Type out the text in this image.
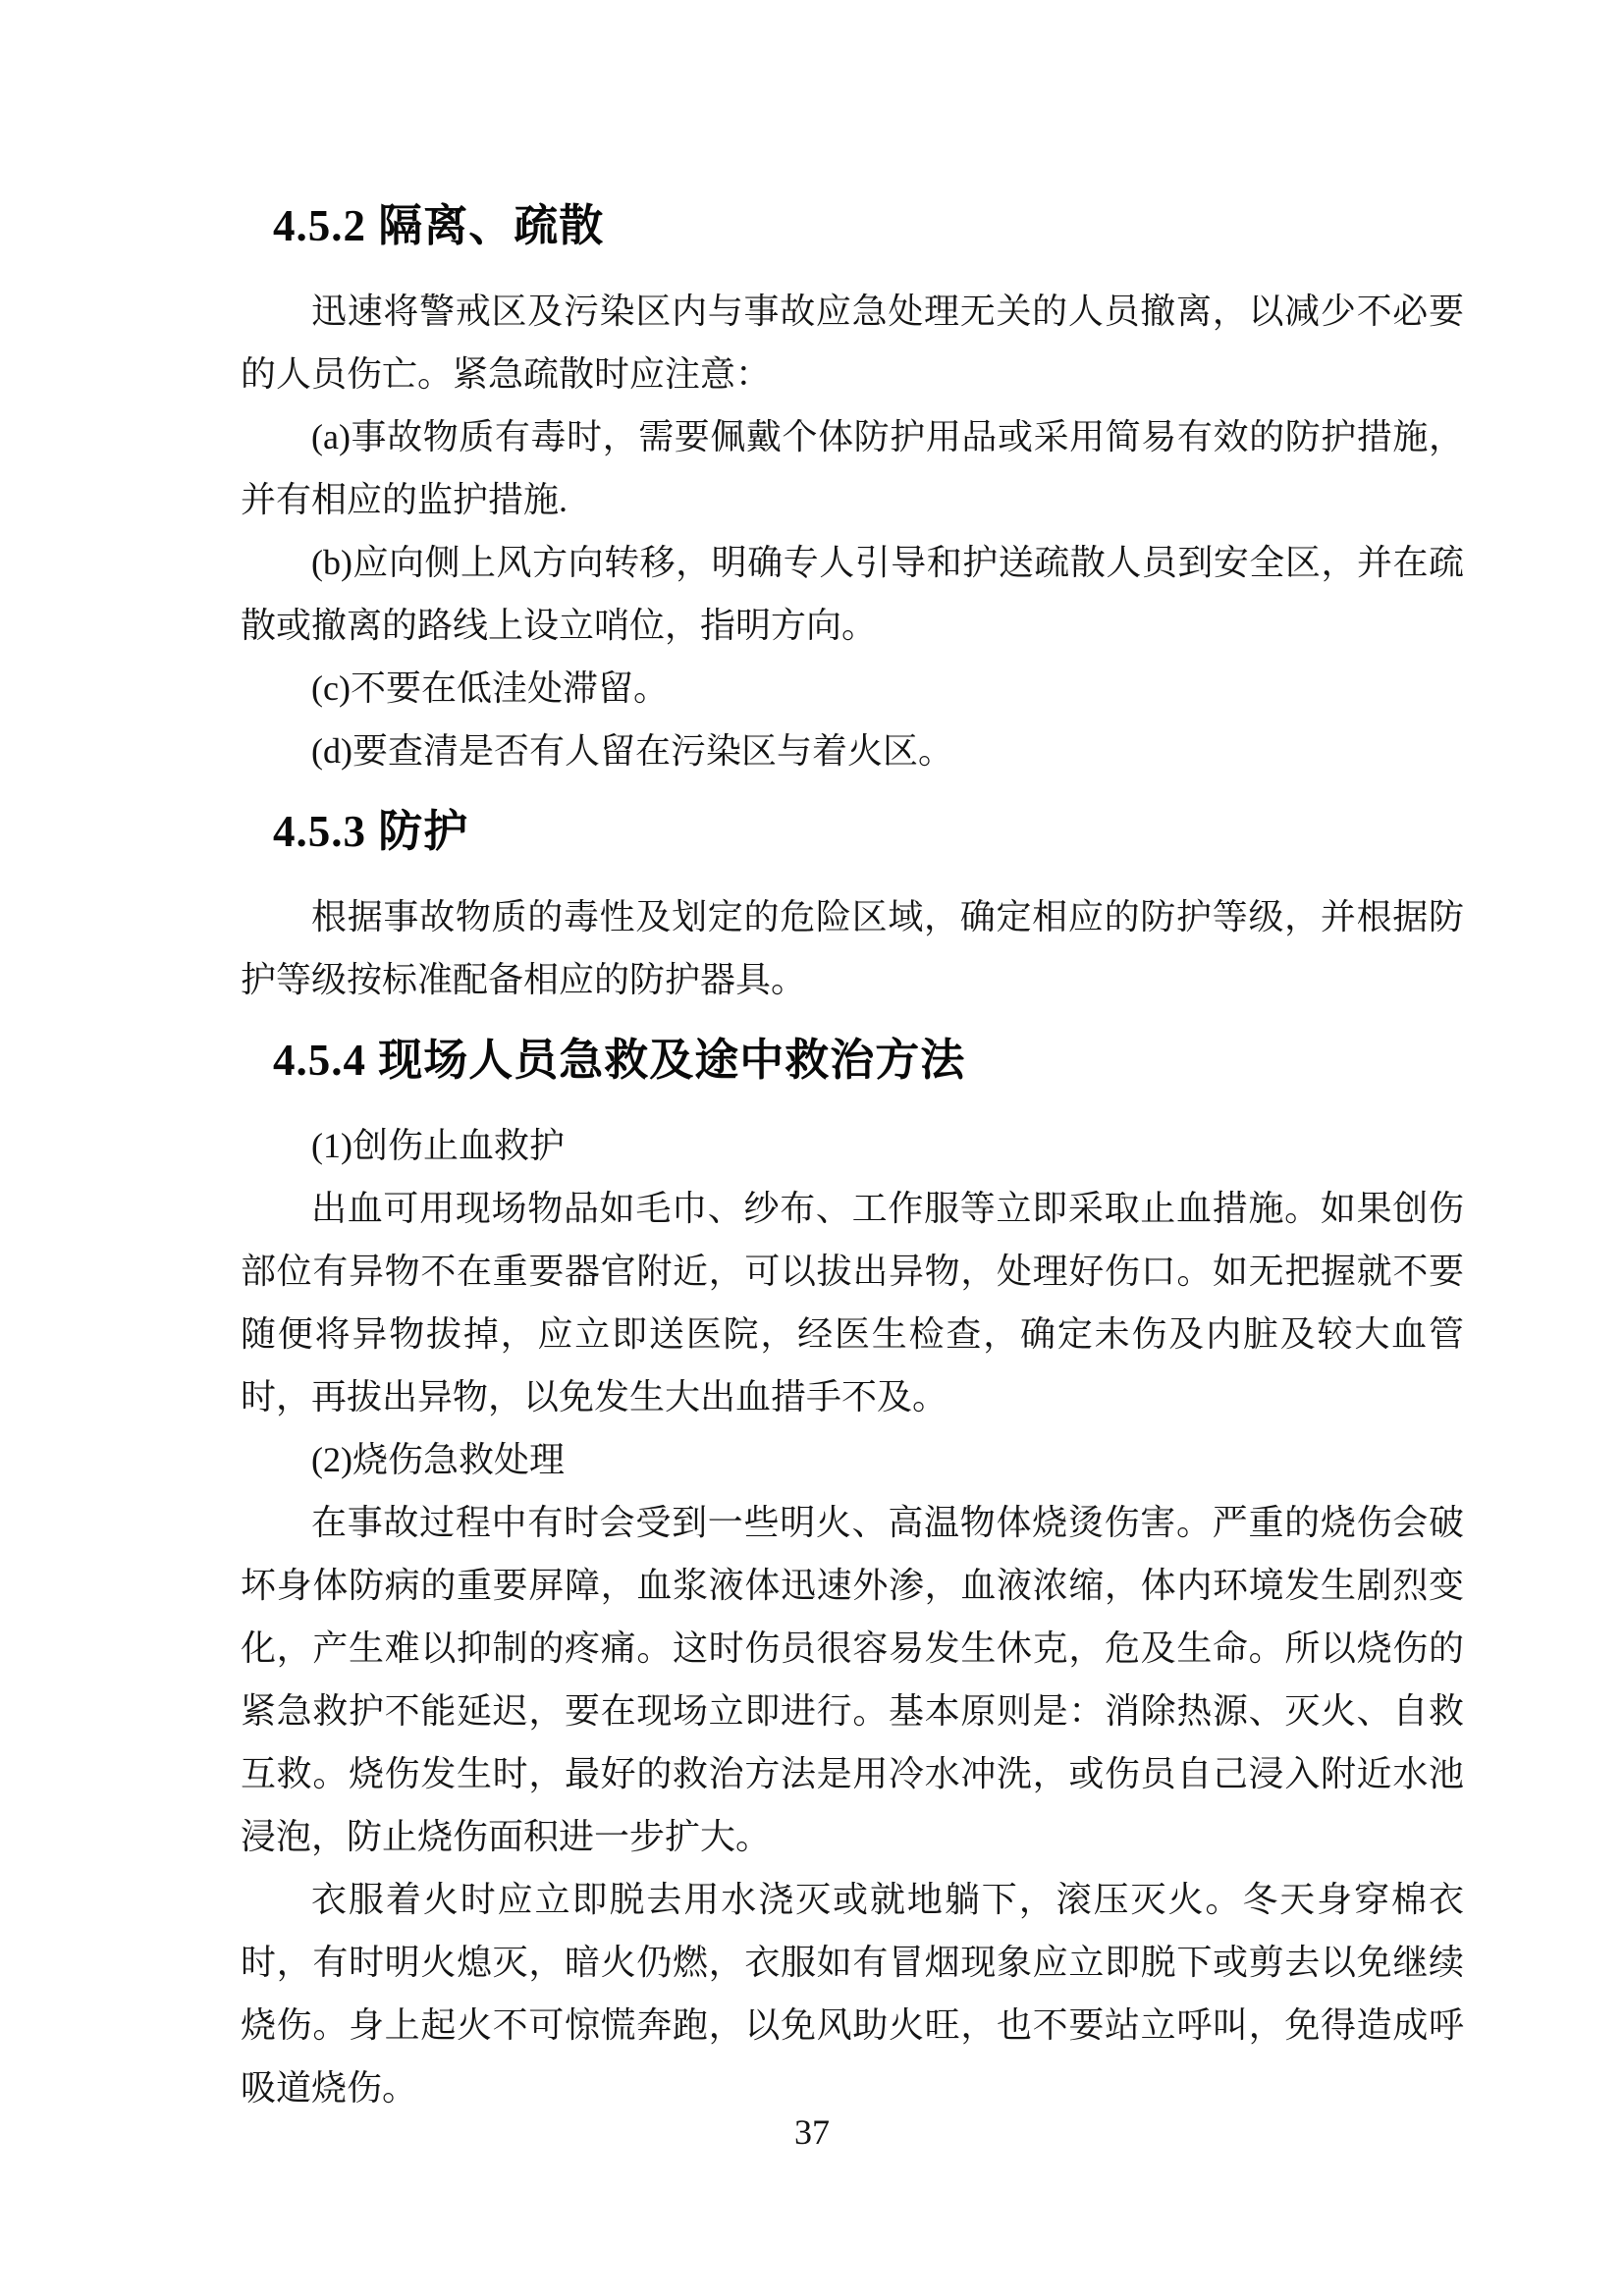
4.5.2 隔离、疏散

迅速将警戒区及污染区内与事故应急处理无关的人员撤离，以减少不必要的人员伤亡。紧急疏散时应注意：

(a)事故物质有毒时，需要佩戴个体防护用品或采用简易有效的防护措施，并有相应的监护措施.

(b)应向侧上风方向转移，明确专人引导和护送疏散人员到安全区，并在疏散或撤离的路线上设立哨位，指明方向。

(c)不要在低洼处滞留。

(d)要查清是否有人留在污染区与着火区。

4.5.3 防护

根据事故物质的毒性及划定的危险区域，确定相应的防护等级，并根据防护等级按标准配备相应的防护器具。

4.5.4 现场人员急救及途中救治方法

(1)创伤止血救护

出血可用现场物品如毛巾、纱布、工作服等立即采取止血措施。如果创伤部位有异物不在重要器官附近，可以拔出异物，处理好伤口。如无把握就不要随便将异物拔掉，应立即送医院，经医生检查，确定未伤及内脏及较大血管时，再拔出异物，以免发生大出血措手不及。

(2)烧伤急救处理

在事故过程中有时会受到一些明火、高温物体烧烫伤害。严重的烧伤会破坏身体防病的重要屏障，血浆液体迅速外渗，血液浓缩，体内环境发生剧烈变化，产生难以抑制的疼痛。这时伤员很容易发生休克，危及生命。所以烧伤的紧急救护不能延迟，要在现场立即进行。基本原则是：消除热源、灭火、自救互救。烧伤发生时，最好的救治方法是用冷水冲洗，或伤员自己浸入附近水池浸泡，防止烧伤面积进一步扩大。

衣服着火时应立即脱去用水浇灭或就地躺下，滚压灭火。冬天身穿棉衣时，有时明火熄灭，暗火仍燃，衣服如有冒烟现象应立即脱下或剪去以免继续烧伤。身上起火不可惊慌奔跑，以免风助火旺，也不要站立呼叫，免得造成呼吸道烧伤。

37
